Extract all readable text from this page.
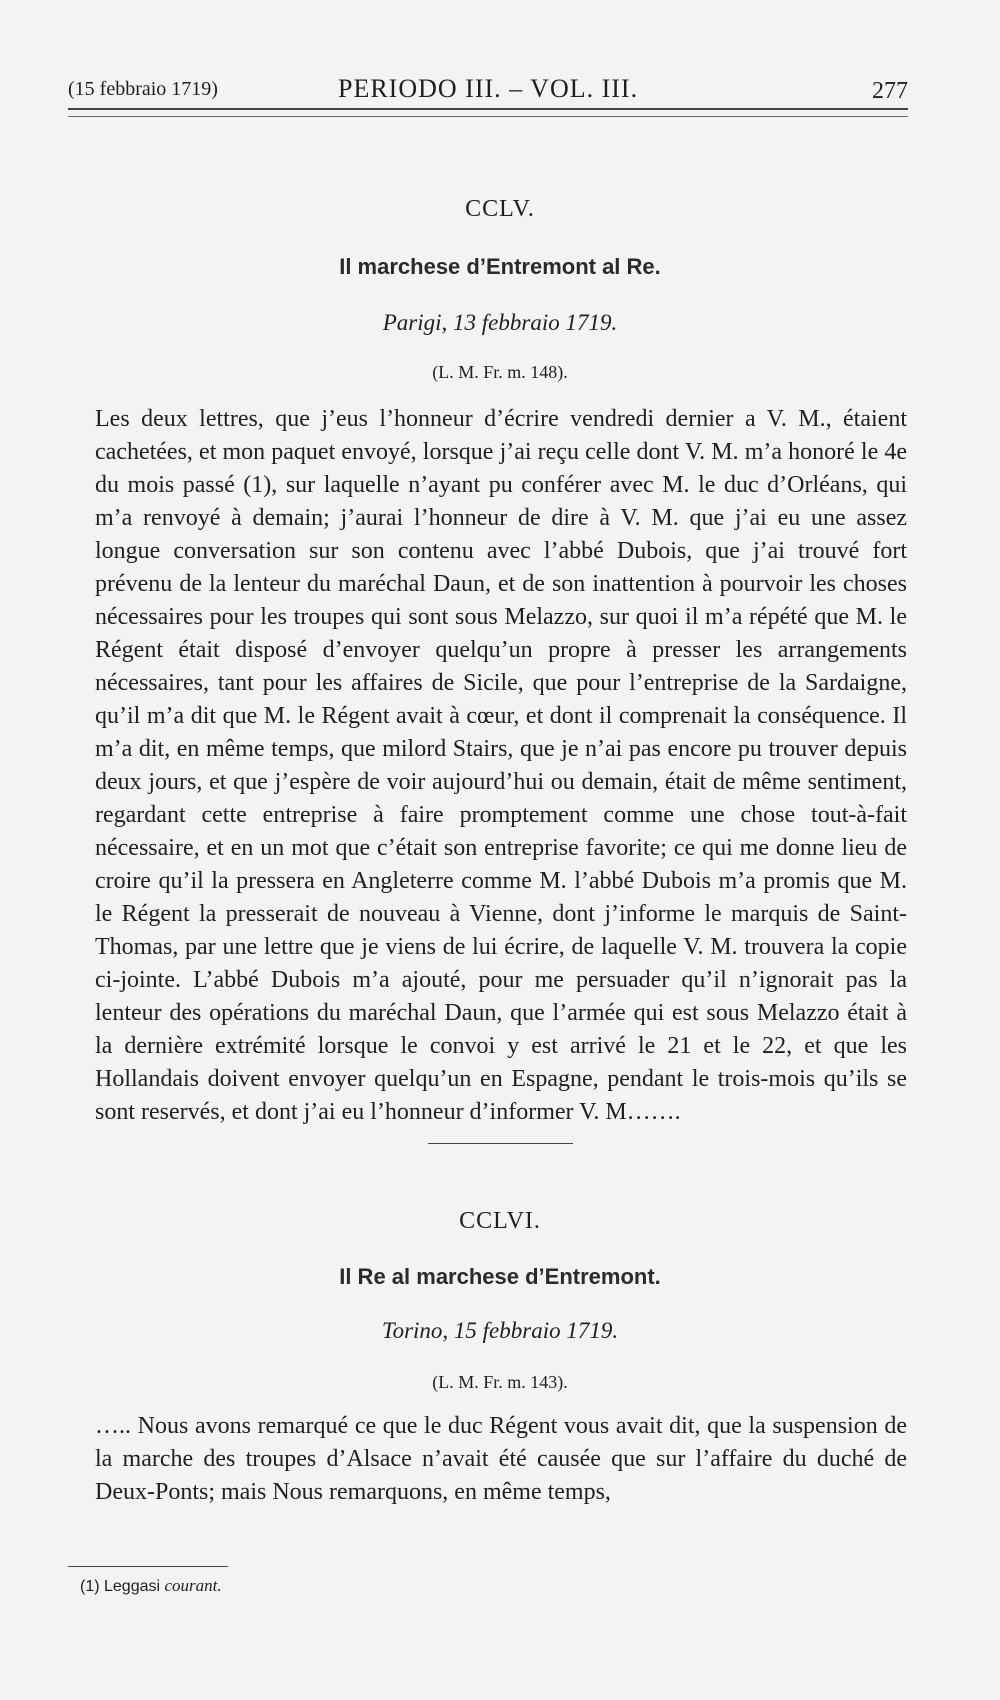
(15 febbraio 1719)	PERIODO III. – VOL. III.	277
CCLV.
Il marchese d’Entremont al Re.
Parigi, 13 febbraio 1719.
(L. M. Fr. m. 148).
Les deux lettres, que j’eus l’honneur d’écrire vendredi dernier a V. M., étaient cachetées, et mon paquet envoyé, lorsque j’ai reçu celle dont V. M. m’a honoré le 4e du mois passé (1), sur laquelle n’ayant pu conférer avec M. le duc d’Orléans, qui m’a renvoyé à demain; j’aurai l’honneur de dire à V. M. que j’ai eu une assez longue conversation sur son contenu avec l’abbé Dubois, que j’ai trouvé fort prévenu de la lenteur du maréchal Daun, et de son inattention à pourvoir les choses nécessaires pour les troupes qui sont sous Melazzo, sur quoi il m’a répété que M. le Régent était disposé d’envoyer quelqu’un propre à presser les arrangements nécessaires, tant pour les affaires de Sicile, que pour l’entreprise de la Sardaigne, qu’il m’a dit que M. le Régent avait à cœur, et dont il comprenait la conséquence. Il m’a dit, en même temps, que milord Stairs, que je n’ai pas encore pu trouver depuis deux jours, et que j’espère de voir aujourd’hui ou demain, était de même sentiment, regardant cette entreprise à faire promptement comme une chose tout-à-fait nécessaire, et en un mot que c’était son entreprise favorite; ce qui me donne lieu de croire qu’il la pressera en Angleterre comme M. l’abbé Dubois m’a promis que M. le Régent la presserait de nouveau à Vienne, dont j’informe le marquis de Saint-Thomas, par une lettre que je viens de lui écrire, de laquelle V. M. trouvera la copie ci-jointe. L’abbé Dubois m’a ajouté, pour me persuader qu’il n’ignorait pas la lenteur des opérations du maréchal Daun, que l’armée qui est sous Melazzo était à la dernière extrémité lorsque le convoi y est arrivé le 21 et le 22, et que les Hollandais doivent envoyer quelqu’un en Espagne, pendant le trois-mois qu’ils se sont reservés, et dont j’ai eu l’honneur d’informer V. M…….
CCLVI.
Il Re al marchese d’Entremont.
Torino, 15 febbraio 1719.
(L. M. Fr. m. 143).
….. Nous avons remarqué ce que le duc Régent vous avait dit, que la suspension de la marche des troupes d’Alsace n’avait été causée que sur l’affaire du duché de Deux-Ponts; mais Nous remarquons, en même temps,
(1) Leggasi courant.
